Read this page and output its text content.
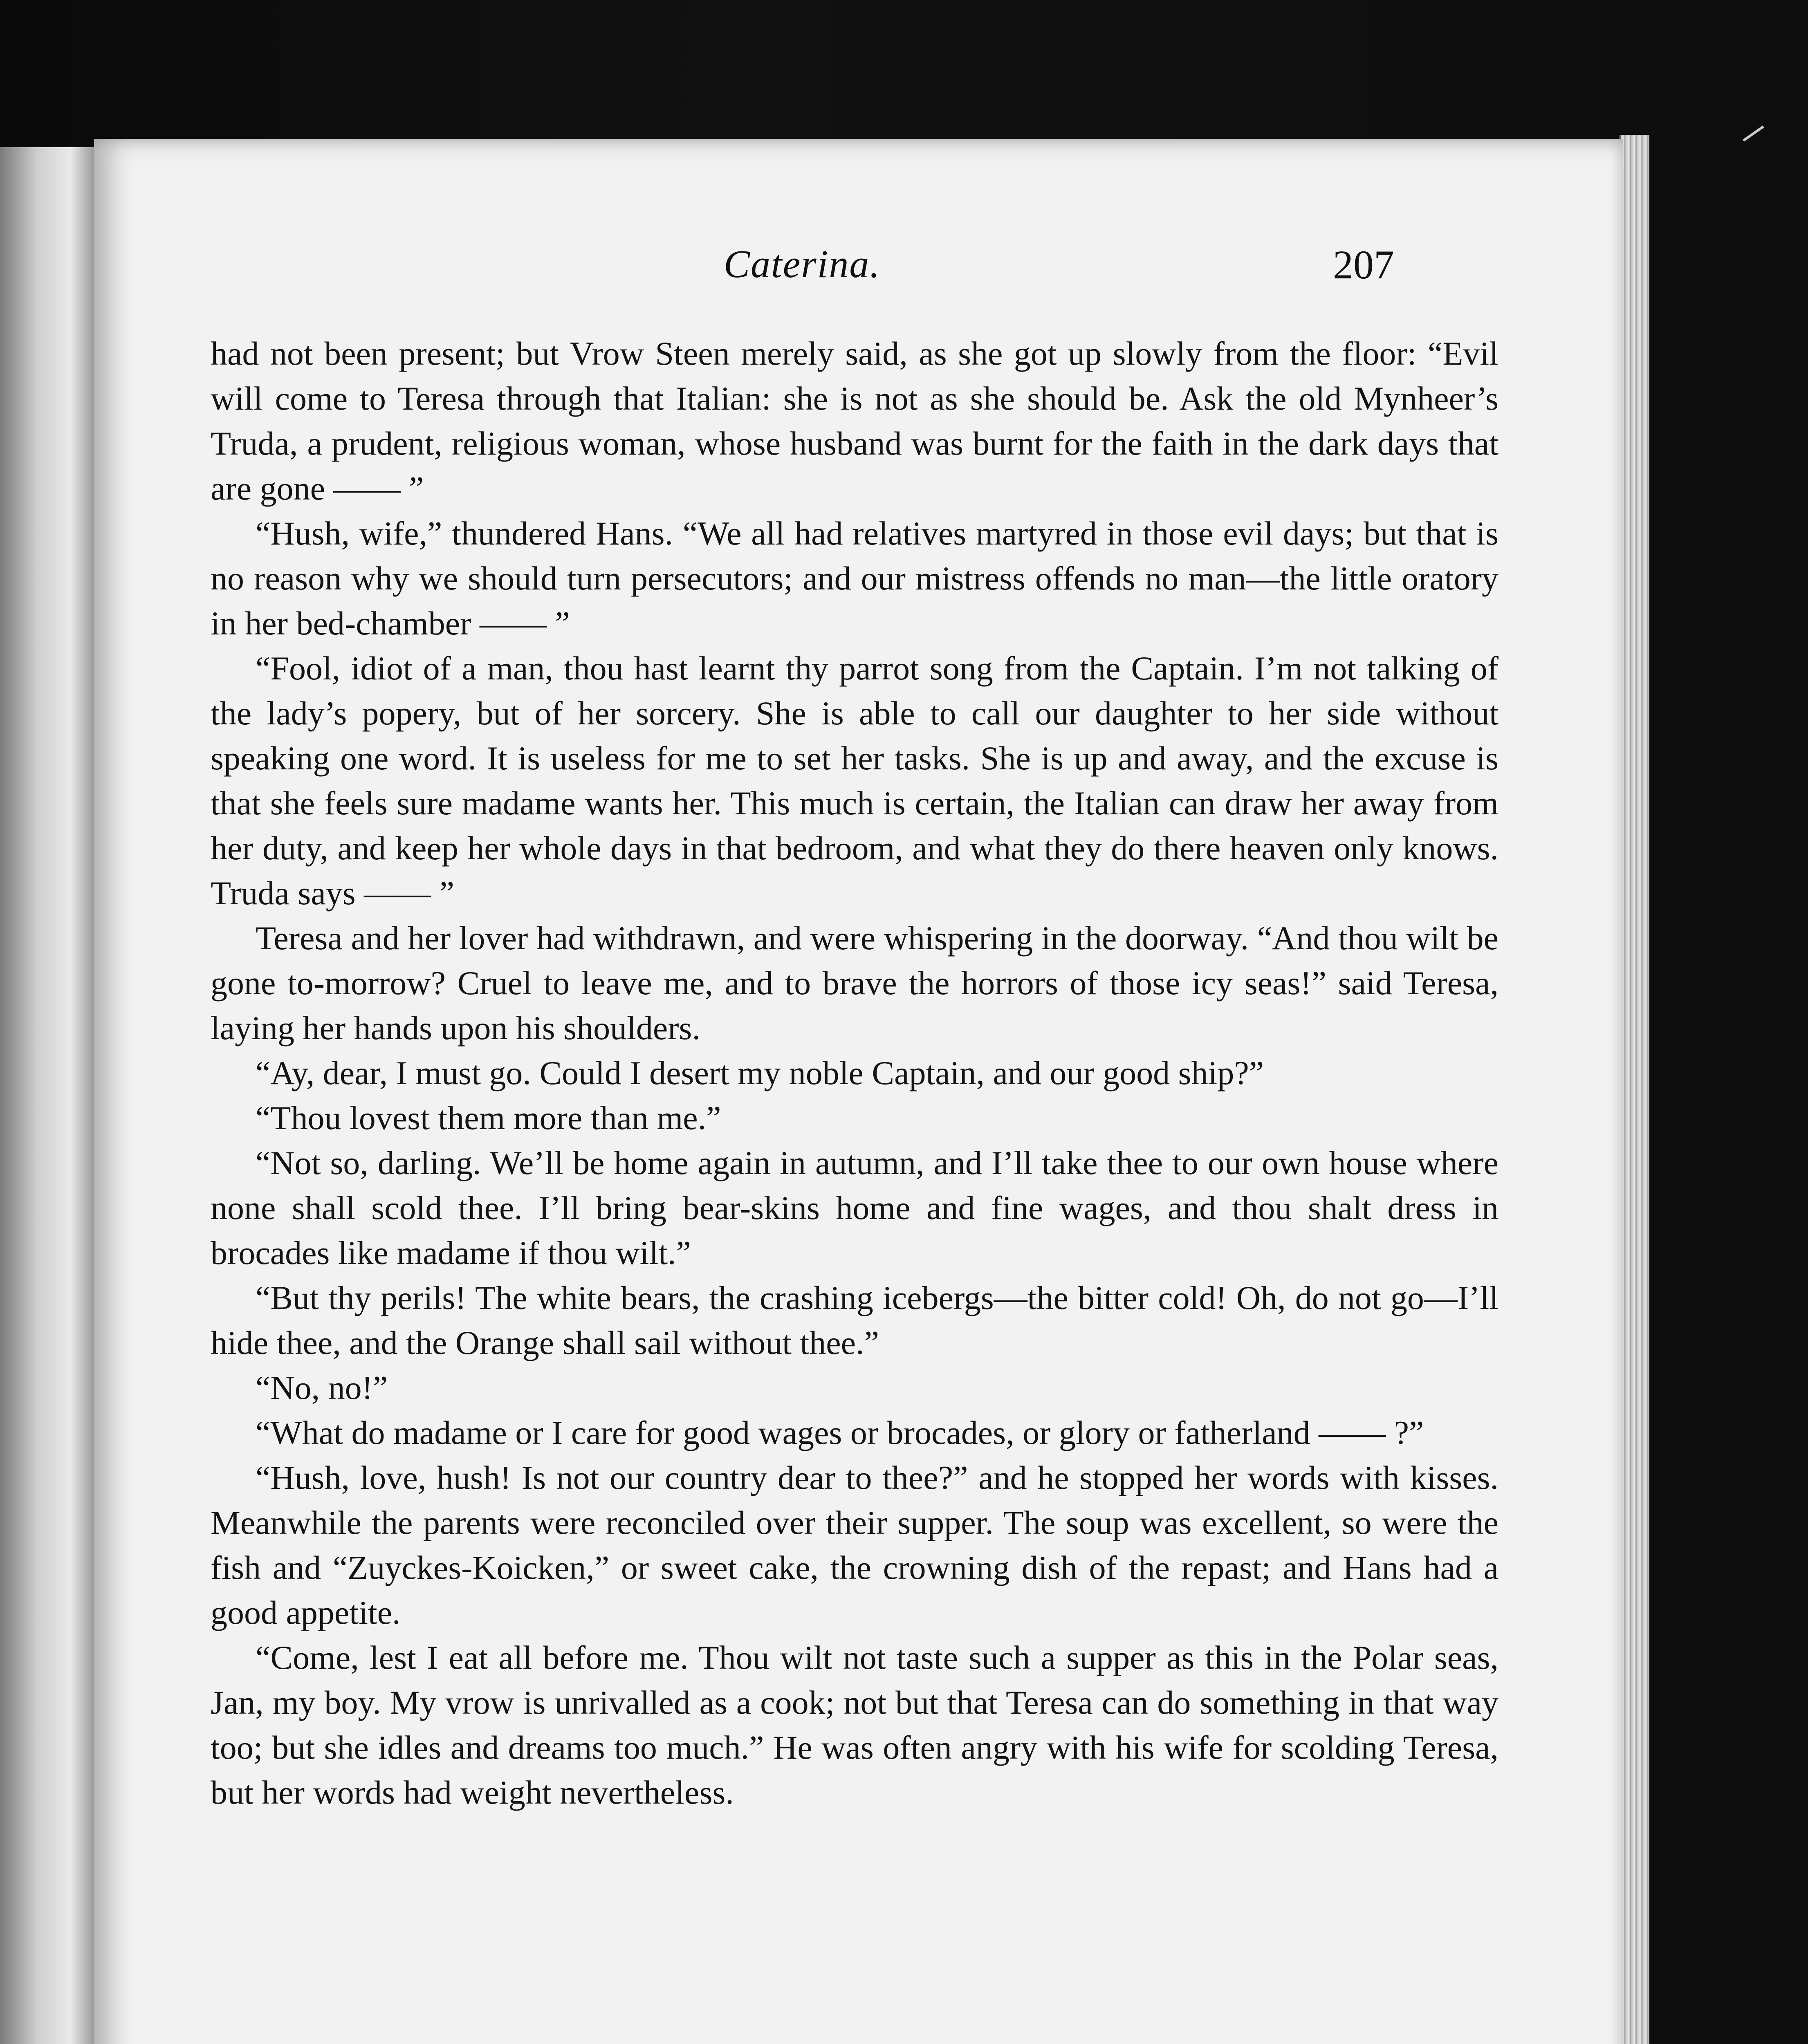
Caterina.	207

had not been present; but Vrow Steen merely said, as she got up slowly from the floor: “Evil will come to Teresa through that Italian: she is not as she should be. Ask the old Mynheer’s Truda, a prudent, religious woman, whose husband was burnt for the faith in the dark days that are gone —— ”

“Hush, wife,” thundered Hans. “We all had relatives martyred in those evil days; but that is no reason why we should turn persecutors; and our mistress offends no man—the little oratory in her bed-chamber —— ”

“Fool, idiot of a man, thou hast learnt thy parrot song from the Captain. I’m not talking of the lady’s popery, but of her sorcery. She is able to call our daughter to her side without speaking one word. It is useless for me to set her tasks. She is up and away, and the excuse is that she feels sure madame wants her. This much is certain, the Italian can draw her away from her duty, and keep her whole days in that bedroom, and what they do there heaven only knows. Truda says —— ”

Teresa and her lover had withdrawn, and were whispering in the doorway. “And thou wilt be gone to-morrow? Cruel to leave me, and to brave the horrors of those icy seas!” said Teresa, laying her hands upon his shoulders.

“Ay, dear, I must go. Could I desert my noble Captain, and our good ship?”

“Thou lovest them more than me.”

“Not so, darling. We’ll be home again in autumn, and I’ll take thee to our own house where none shall scold thee. I’ll bring bear-skins home and fine wages, and thou shalt dress in brocades like madame if thou wilt.”

“But thy perils! The white bears, the crashing icebergs—the bitter cold! Oh, do not go—I’ll hide thee, and the Orange shall sail without thee.”

“No, no!”

“What do madame or I care for good wages or brocades, or glory or fatherland —— ?”

“Hush, love, hush! Is not our country dear to thee?” and he stopped her words with kisses. Meanwhile the parents were reconciled over their supper. The soup was excellent, so were the fish and “Zuyckes-Koicken,” or sweet cake, the crowning dish of the repast; and Hans had a good appetite.

“Come, lest I eat all before me. Thou wilt not taste such a supper as this in the Polar seas, Jan, my boy. My vrow is unrivalled as a cook; not but that Teresa can do something in that way too; but she idles and dreams too much.” He was often angry with his wife for scolding Teresa, but her words had weight nevertheless.
